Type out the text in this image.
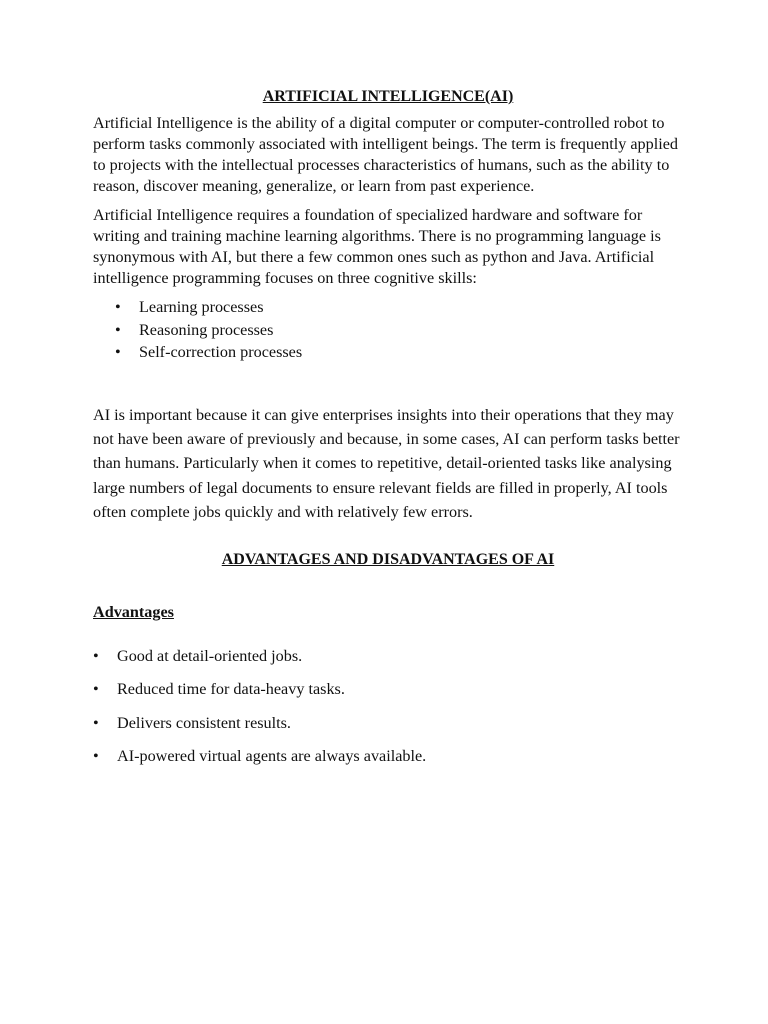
ARTIFICIAL INTELLIGENCE(AI)
Artificial Intelligence is the ability of a digital computer or computer-controlled robot to perform tasks commonly associated with intelligent beings. The term is frequently applied to projects with the intellectual processes characteristics of humans, such as the ability to reason, discover meaning, generalize, or learn from past experience.
Artificial Intelligence requires a foundation of specialized hardware and software for writing and training machine learning algorithms. There is no programming language is synonymous with AI, but there a few common ones such as python and Java. Artificial intelligence programming focuses on three cognitive skills:
• Learning processes
• Reasoning processes
• Self-correction processes
AI is important because it can give enterprises insights into their operations that they may not have been aware of previously and because, in some cases, AI can perform tasks better than humans. Particularly when it comes to repetitive, detail-oriented tasks like analysing large numbers of legal documents to ensure relevant fields are filled in properly, AI tools often complete jobs quickly and with relatively few errors.
ADVANTAGES AND DISADVANTAGES OF AI
Advantages
• Good at detail-oriented jobs.
• Reduced time for data-heavy tasks.
• Delivers consistent results.
• AI-powered virtual agents are always available.
